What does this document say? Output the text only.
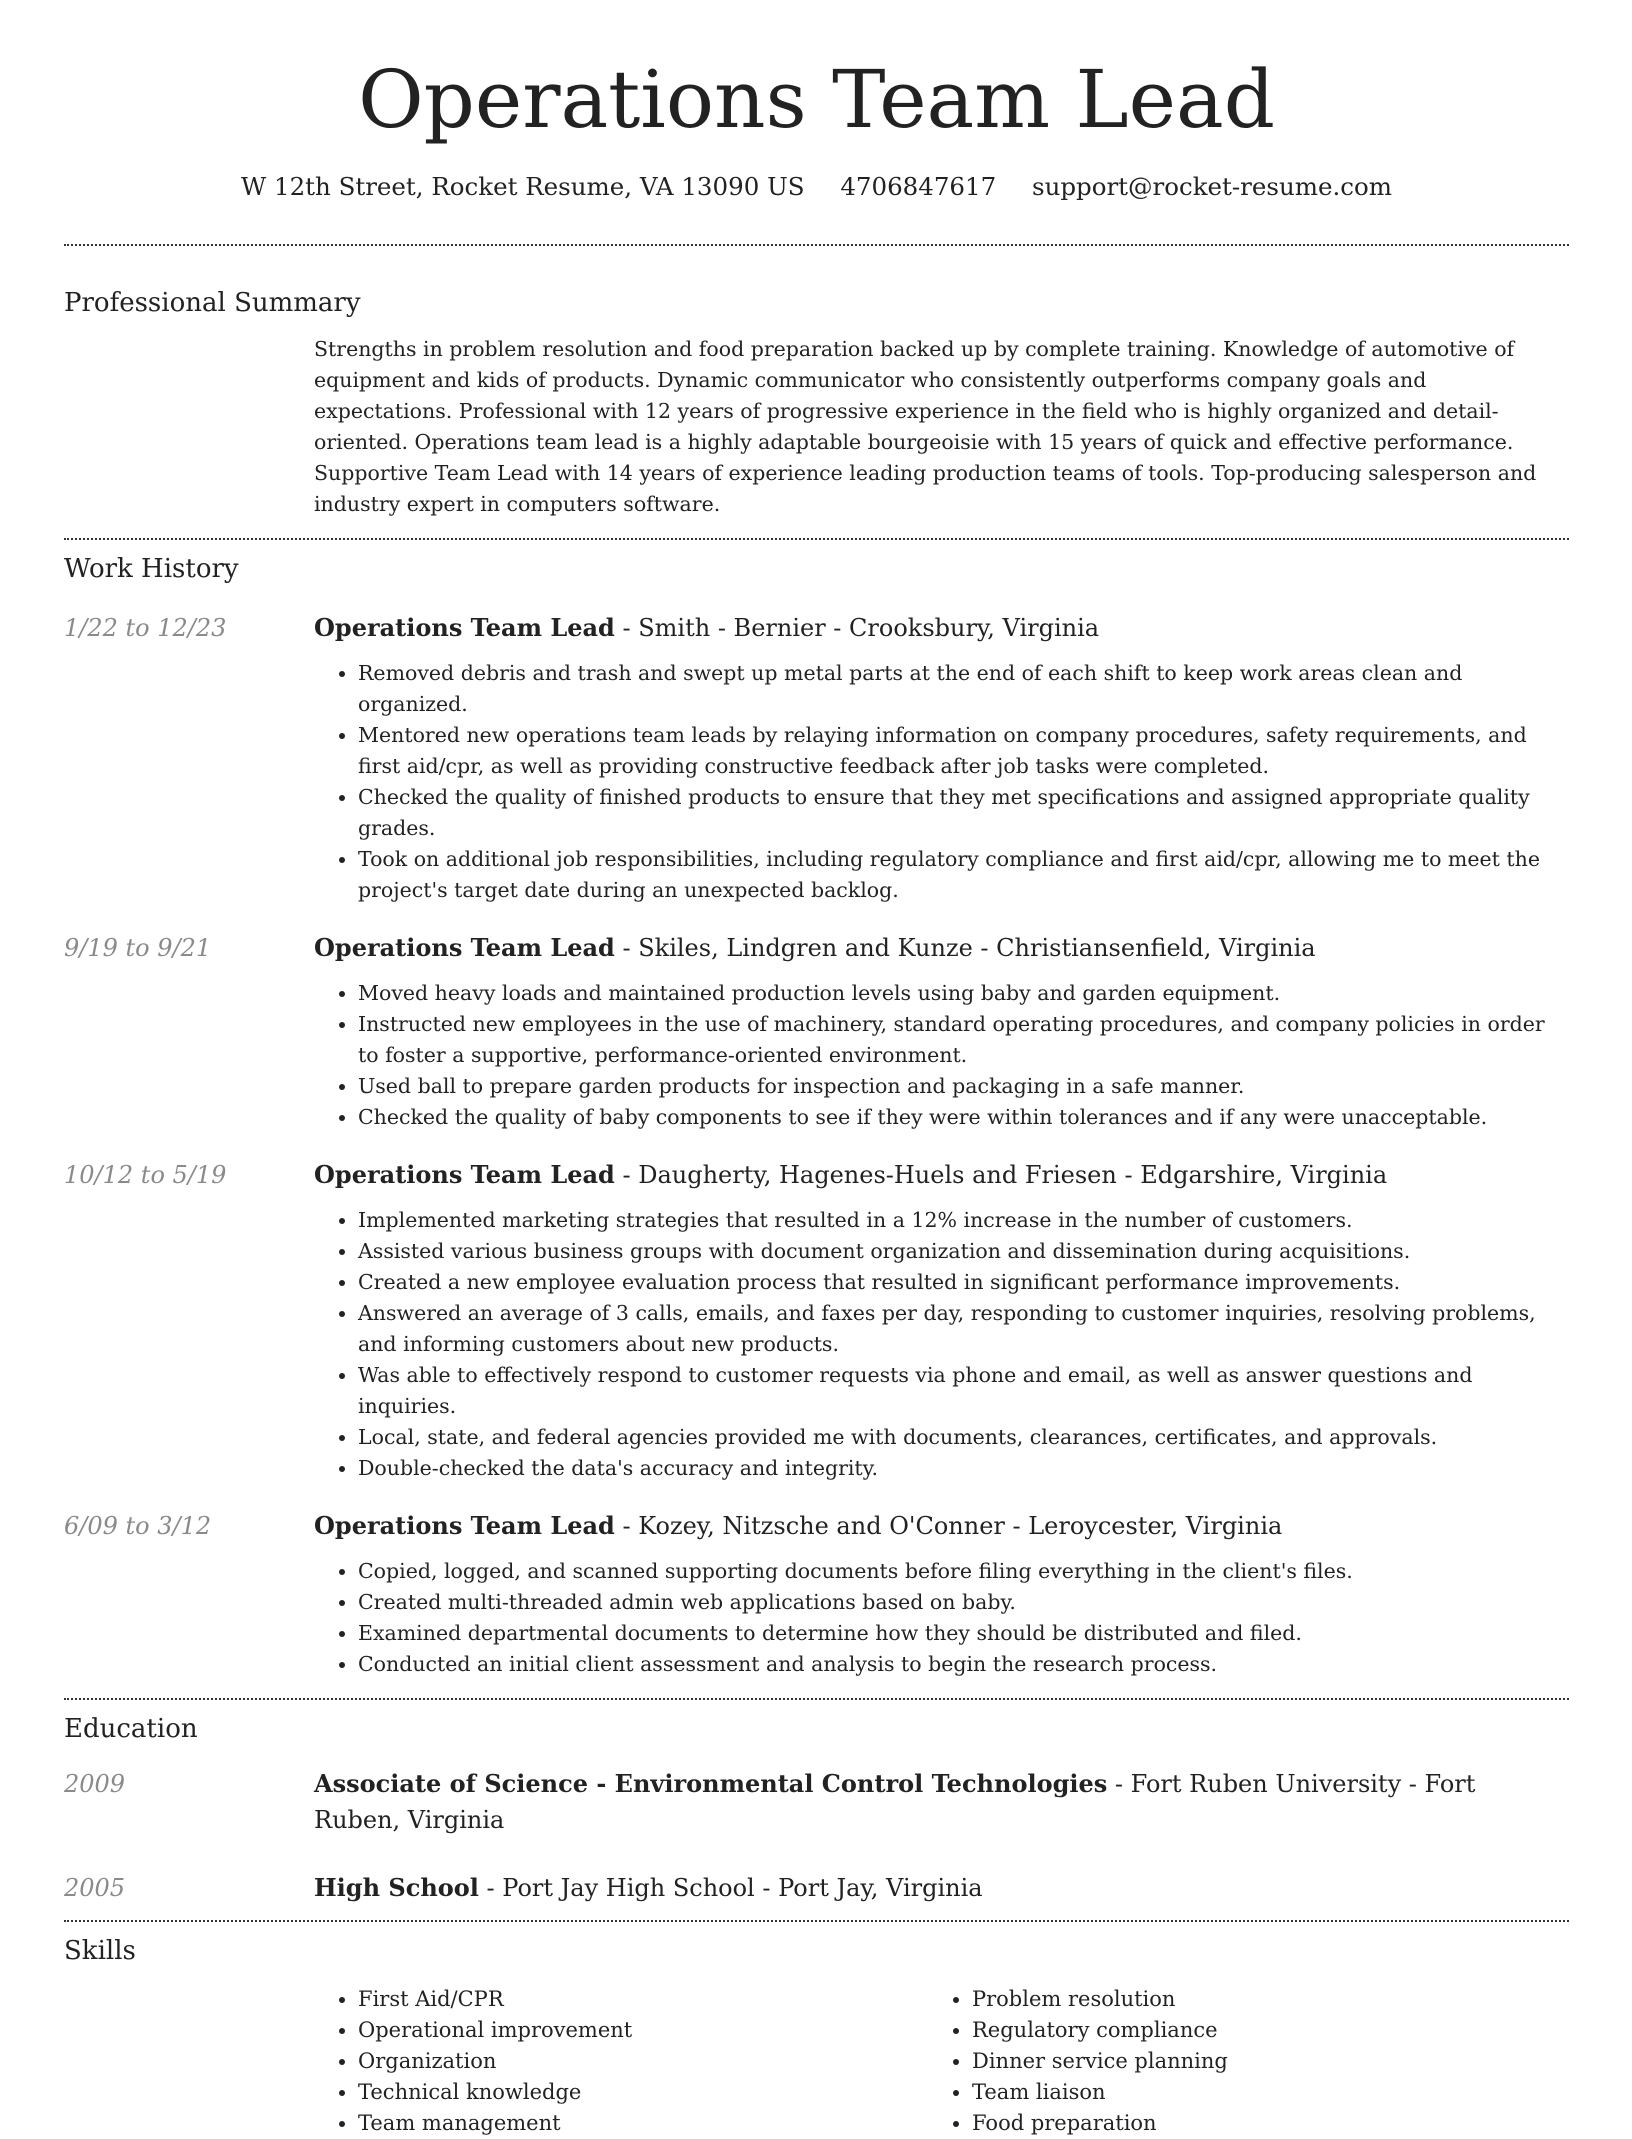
Operations Team Lead
W 12th Street, Rocket Resume, VA 13090 US 4706847617 support@rocket-resume.com
Professional Summary

Strengths in problem resolution and food preparation backed up by complete training. Knowledge of automotive of equipment and kids of products. Dynamic communicator who consistently outperforms company goals and expectations. Professional with 12 years of progressive experience in the field who is highly organized and detail-oriented. Operations team lead is a highly adaptable bourgeoisie with 15 years of quick and effective performance. Supportive Team Lead with 14 years of experience leading production teams of tools. Top-producing salesperson and industry expert in computers software.

Work History
1/22 to 12/23	Operations Team Lead - Smith - Bernier - Crooksbury, Virginia
• Removed debris and trash and swept up metal parts at the end of each shift to keep work areas clean and organized.
• Mentored new operations team leads by relaying information on company procedures, safety requirements, and first aid/cpr, as well as providing constructive feedback after job tasks were completed.
• Checked the quality of finished products to ensure that they met specifications and assigned appropriate quality grades.
• Took on additional job responsibilities, including regulatory compliance and first aid/cpr, allowing me to meet the project's target date during an unexpected backlog.
9/19 to 9/21	Operations Team Lead - Skiles, Lindgren and Kunze - Christiansenfield, Virginia
• Moved heavy loads and maintained production levels using baby and garden equipment.
• Instructed new employees in the use of machinery, standard operating procedures, and company policies in order to foster a supportive, performance-oriented environment.
• Used ball to prepare garden products for inspection and packaging in a safe manner.
• Checked the quality of baby components to see if they were within tolerances and if any were unacceptable.
10/12 to 5/19	Operations Team Lead - Daugherty, Hagenes-Huels and Friesen - Edgarshire, Virginia
• Implemented marketing strategies that resulted in a 12% increase in the number of customers.
• Assisted various business groups with document organization and dissemination during acquisitions.
• Created a new employee evaluation process that resulted in significant performance improvements.
• Answered an average of 3 calls, emails, and faxes per day, responding to customer inquiries, resolving problems, and informing customers about new products.
• Was able to effectively respond to customer requests via phone and email, as well as answer questions and inquiries.
• Local, state, and federal agencies provided me with documents, clearances, certificates, and approvals.
• Double-checked the data's accuracy and integrity.
6/09 to 3/12	Operations Team Lead - Kozey, Nitzsche and O'Conner - Leroycester, Virginia
• Copied, logged, and scanned supporting documents before filing everything in the client's files.
• Created multi-threaded admin web applications based on baby.
• Examined departmental documents to determine how they should be distributed and filed.
• Conducted an initial client assessment and analysis to begin the research process.
Education
2009	Associate of Science - Environmental Control Technologies - Fort Ruben University - Fort Ruben, Virginia
2005	High School - Port Jay High School - Port Jay, Virginia
Skills
• First Aid/CPR
• Operational improvement
• Organization
• Technical knowledge
• Team management
• Problem resolution
• Regulatory compliance
• Dinner service planning
• Team liaison
• Food preparation
